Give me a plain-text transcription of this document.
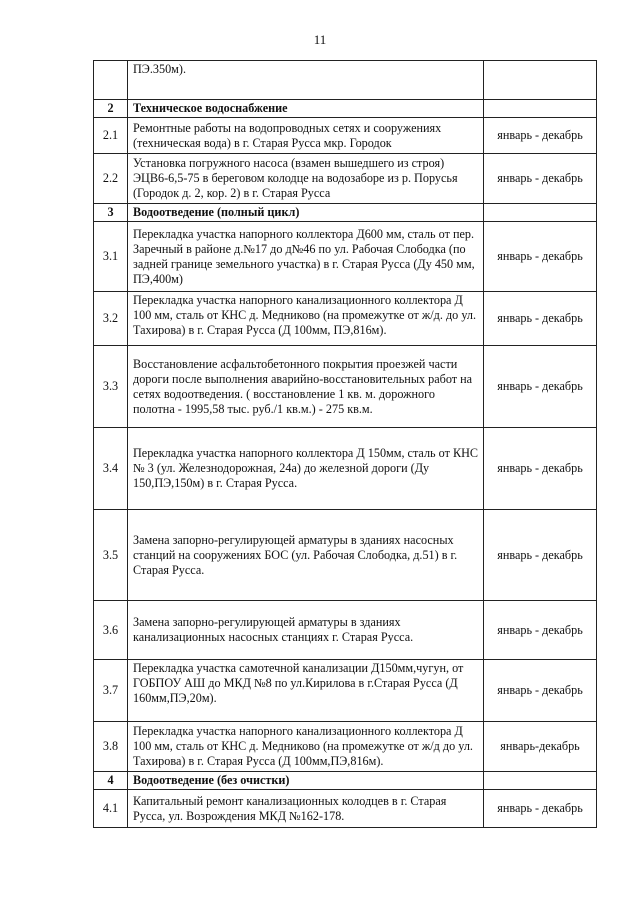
11
	ПЭ.350м).	
2	Техническое водоснабжение	
2.1	Ремонтные работы на водопроводных сетях и сооружениях (техническая вода) в г. Старая Русса мкр. Городок	январь - декабрь
2.2	Установка погружного насоса (взамен вышедшего из строя) ЭЦВ6-6,5-75 в береговом колодце на водозаборе из р. Порусья (Городок д. 2, кор. 2) в г. Старая Русса	январь - декабрь
3	Водоотведение (полный цикл)	
3.1	Перекладка участка напорного коллектора Д600 мм, сталь от пер. Заречный в районе д.№17 до д№46 по ул. Рабочая Слободка (по задней границе земельного участка) в г. Старая Русса (Ду 450 мм, ПЭ,400м)	январь - декабрь
3.2	Перекладка участка напорного канализационного коллектора Д 100 мм, сталь от КНС д. Медниково (на промежутке от ж/д. до ул. Тахирова) в г. Старая Русса (Д 100мм, ПЭ,816м).	январь - декабрь
3.3	Восстановление асфальтобетонного покрытия проезжей части дороги после выполнения аварийно-восстановительных работ на сетях водоотведения. ( восстановление 1 кв. м. дорожного полотна - 1995,58 тыс. руб./1 кв.м.) - 275 кв.м.	январь - декабрь
3.4	Перекладка участка напорного коллектора Д 150мм, сталь от КНС № 3 (ул. Железнодорожная, 24а) до железной дороги (Ду 150,ПЭ,150м) в г. Старая Русса.	январь - декабрь
3.5	Замена запорно-регулирующей арматуры в зданиях насосных станций на сооружениях БОС (ул. Рабочая Слободка, д.51) в г. Старая Русса.	январь - декабрь
3.6	Замена запорно-регулирующей арматуры в зданиях канализационных насосных станциях г. Старая Русса.	январь - декабрь
3.7	Перекладка участка самотечной канализации Д150мм,чугун, от ГОБПОУ АШ до МКД №8 по ул.Кирилова в г.Старая Русса (Д 160мм,ПЭ,20м).	январь - декабрь
3.8	Перекладка участка напорного канализационного коллектора Д 100 мм, сталь от КНС д. Медниково (на промежутке от ж/д до ул. Тахирова) в г. Старая Русса (Д 100мм,ПЭ,816м).	январь-декабрь
4	Водоотведение (без очистки)	
4.1	Капитальный ремонт канализационных колодцев в г. Старая Русса, ул. Возрождения МКД №162-178.	январь - декабрь
